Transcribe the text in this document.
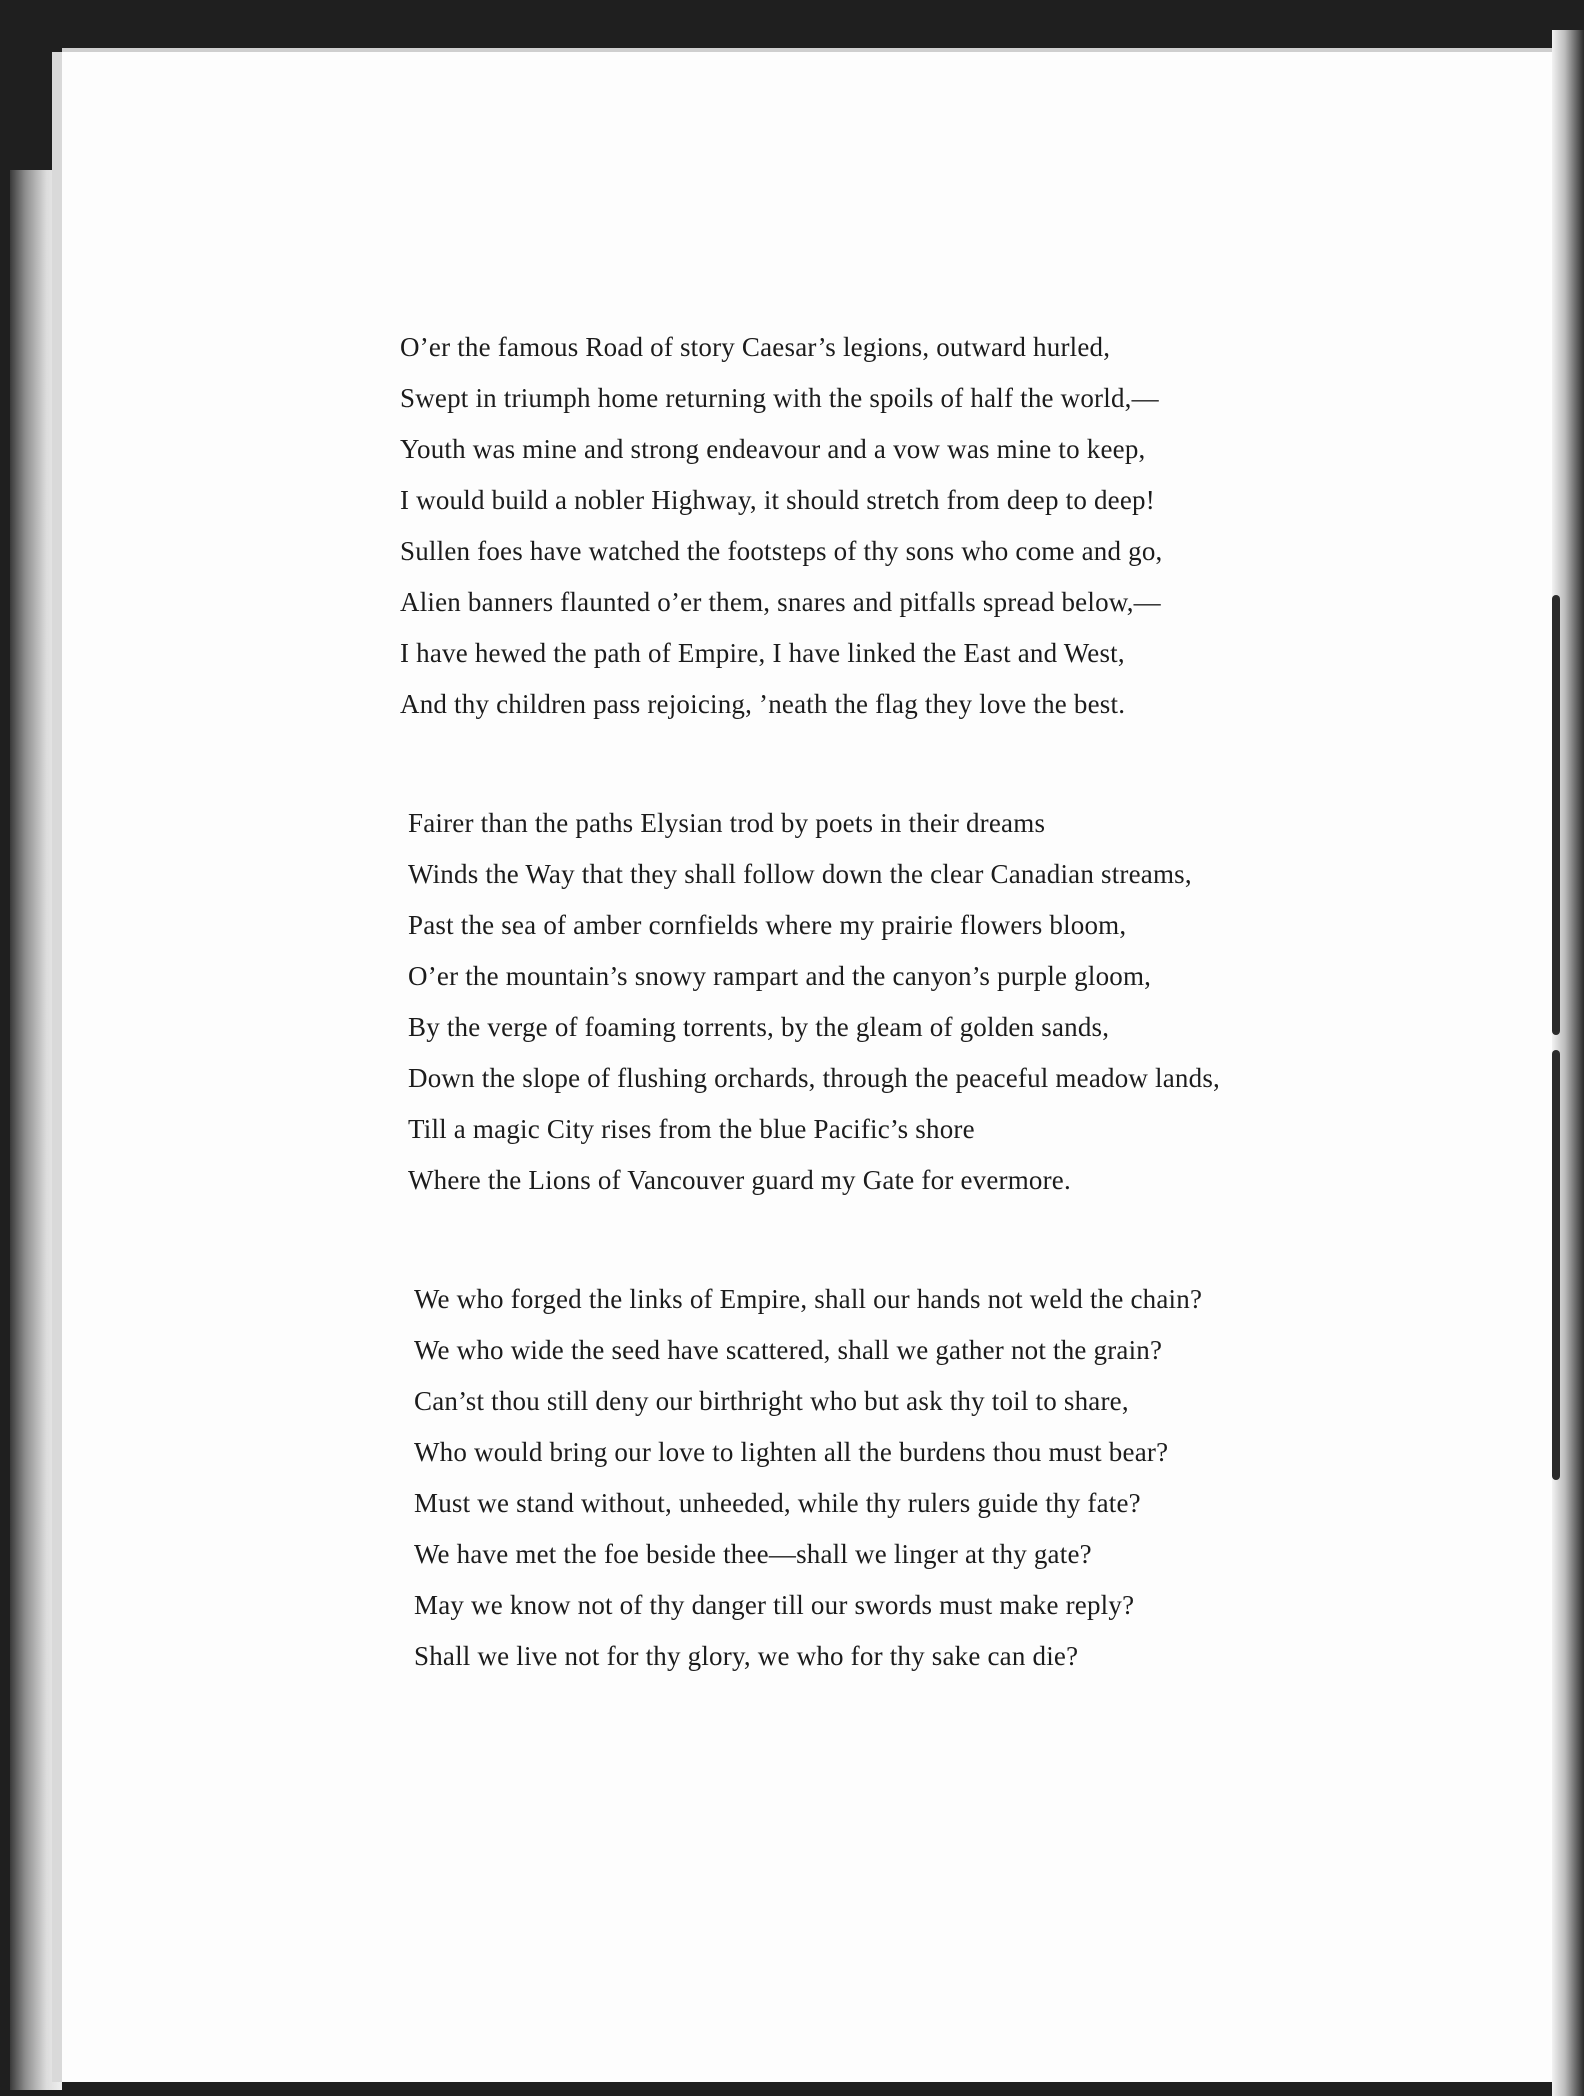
O’er the famous Road of story Caesar’s legions, outward hurled,
Swept in triumph home returning with the spoils of half the world,—
Youth was mine and strong endeavour and a vow was mine to keep,
I would build a nobler Highway, it should stretch from deep to deep!
Sullen foes have watched the footsteps of thy sons who come and go,
Alien banners flaunted o’er them, snares and pitfalls spread below,—
I have hewed the path of Empire, I have linked the East and West,
And thy children pass rejoicing, ’neath the flag they love the best.
Fairer than the paths Elysian trod by poets in their dreams
Winds the Way that they shall follow down the clear Canadian streams,
Past the sea of amber cornfields where my prairie flowers bloom,
O’er the mountain’s snowy rampart and the canyon’s purple gloom,
By the verge of foaming torrents, by the gleam of golden sands,
Down the slope of flushing orchards, through the peaceful meadow lands,
Till a magic City rises from the blue Pacific’s shore
Where the Lions of Vancouver guard my Gate for evermore.
We who forged the links of Empire, shall our hands not weld the chain?
We who wide the seed have scattered, shall we gather not the grain?
Can’st thou still deny our birthright who but ask thy toil to share,
Who would bring our love to lighten all the burdens thou must bear?
Must we stand without, unheeded, while thy rulers guide thy fate?
We have met the foe beside thee—shall we linger at thy gate?
May we know not of thy danger till our swords must make reply?
Shall we live not for thy glory, we who for thy sake can die?
